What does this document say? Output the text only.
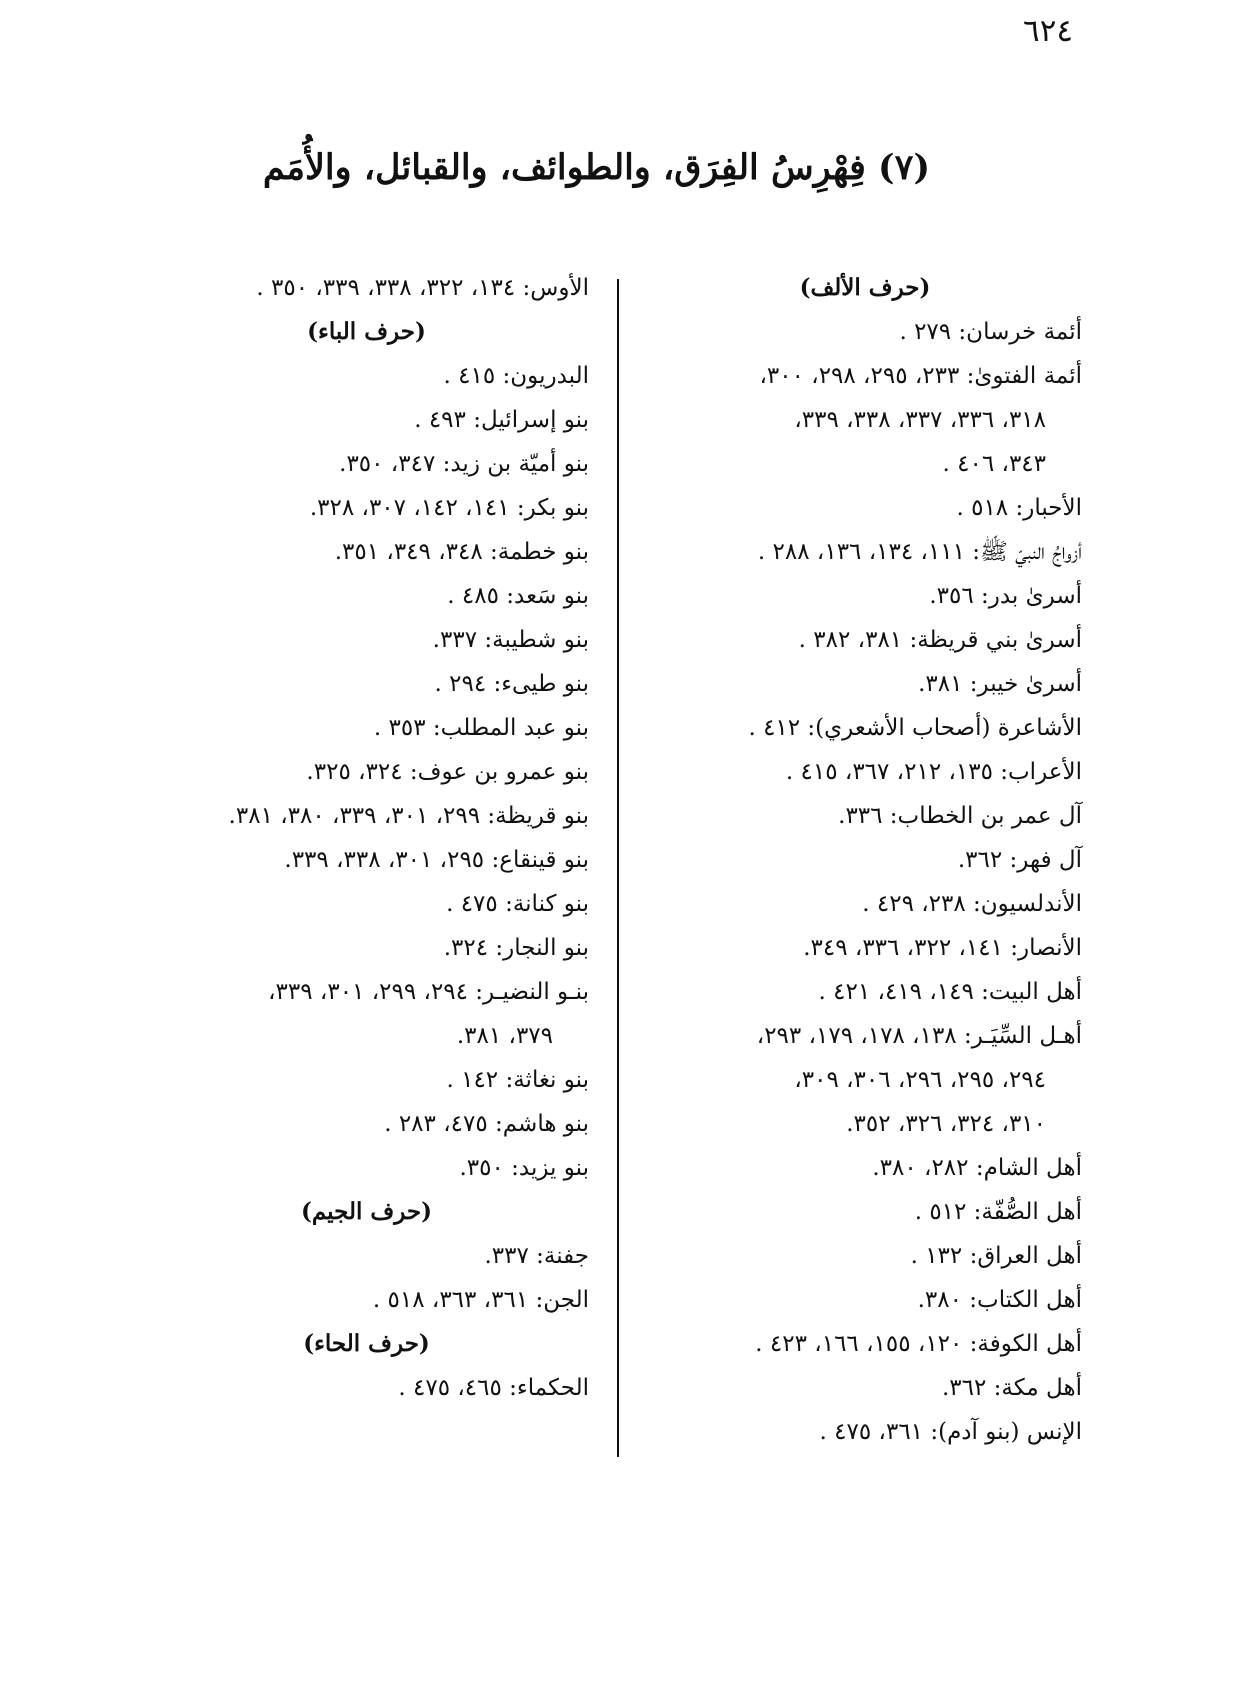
٦٢٤
(٧) فِهْرِسُ الفِرَق، والطوائف، والقبائل، والأُمَم

(حرف الألف)

أئمة خرسان: ٢٧٩ .

أئمة الفتوىٰ: ٢٣٣، ٢٩٥، ٢٩٨، ٣٠٠،
٣١٨، ٣٣٦، ٣٣٧، ٣٣٨، ٣٣٩،
٣٤٣، ٤٠٦ .

الأحبار: ٥١٨ .

أزواجُ النبيّ ﷺ: ١١١، ١٣٤، ١٣٦، ٢٨٨ .

أسرىٰ بدر: ٣٥٦.

أسرىٰ بني قريظة: ٣٨١، ٣٨٢ .

أسرىٰ خيبر: ٣٨١.

الأشاعرة (أصحاب الأشعري): ٤١٢ .

الأعراب: ١٣٥، ٢١٢، ٣٦٧، ٤١٥ .

آل عمر بن الخطاب: ٣٣٦.

آل فهر: ٣٦٢.

الأندلسيون: ٢٣٨، ٤٢٩ .

الأنصار: ١٤١، ٣٢٢، ٣٣٦، ٣٤٩.

أهل البيت: ١٤٩، ٤١٩، ٤٢١ .

أهـل السِّيَـر: ١٣٨، ١٧٨، ١٧٩، ٢٩٣،
٢٩٤، ٢٩٥، ٢٩٦، ٣٠٦، ٣٠٩،
٣١٠، ٣٢٤، ٣٢٦، ٣٥٢.

أهل الشام: ٢٨٢، ٣٨٠.

أهل الصُّفّة: ٥١٢ .

أهل العراق: ١٣٢ .

أهل الكتاب: ٣٨٠.

أهل الكوفة: ١٢٠، ١٥٥، ١٦٦، ٤٢٣ .

أهل مكة: ٣٦٢.

الإنس (بنو آدم): ٣٦١، ٤٧٥ .

الأوس: ١٣٤، ٣٢٢، ٣٣٨، ٣٣٩، ٣٥٠ .

(حرف الباء)

البدريون: ٤١٥ .

بنو إسرائيل: ٤٩٣ .

بنو أميّة بن زيد: ٣٤٧، ٣٥٠.

بنو بكر: ١٤١، ١٤٢، ٣٠٧، ٣٢٨.

بنو خطمة: ٣٤٨، ٣٤٩، ٣٥١.

بنو سَعد: ٤٨٥ .

بنو شطيبة: ٣٣٧.

بنو طيىء: ٢٩٤ .

بنو عبد المطلب: ٣٥٣ .

بنو عمرو بن عوف: ٣٢٤، ٣٢٥.

بنو قريظة: ٢٩٩، ٣٠١، ٣٣٩، ٣٨٠، ٣٨١.

بنو قينقاع: ٢٩٥، ٣٠١، ٣٣٨، ٣٣٩.

بنو كنانة: ٤٧٥ .

بنو النجار: ٣٢٤.

بنـو النضيـر: ٢٩٤، ٢٩٩، ٣٠١، ٣٣٩،
٣٧٩، ٣٨١.

بنو نغاثة: ١٤٢ .

بنو هاشم: ٤٧٥، ٢٨٣ .

بنو يزيد: ٣٥٠.

(حرف الجيم)

جفنة: ٣٣٧.

الجن: ٣٦١، ٣٦٣، ٥١٨ .

(حرف الحاء)

الحكماء: ٤٦٥، ٤٧٥ .
